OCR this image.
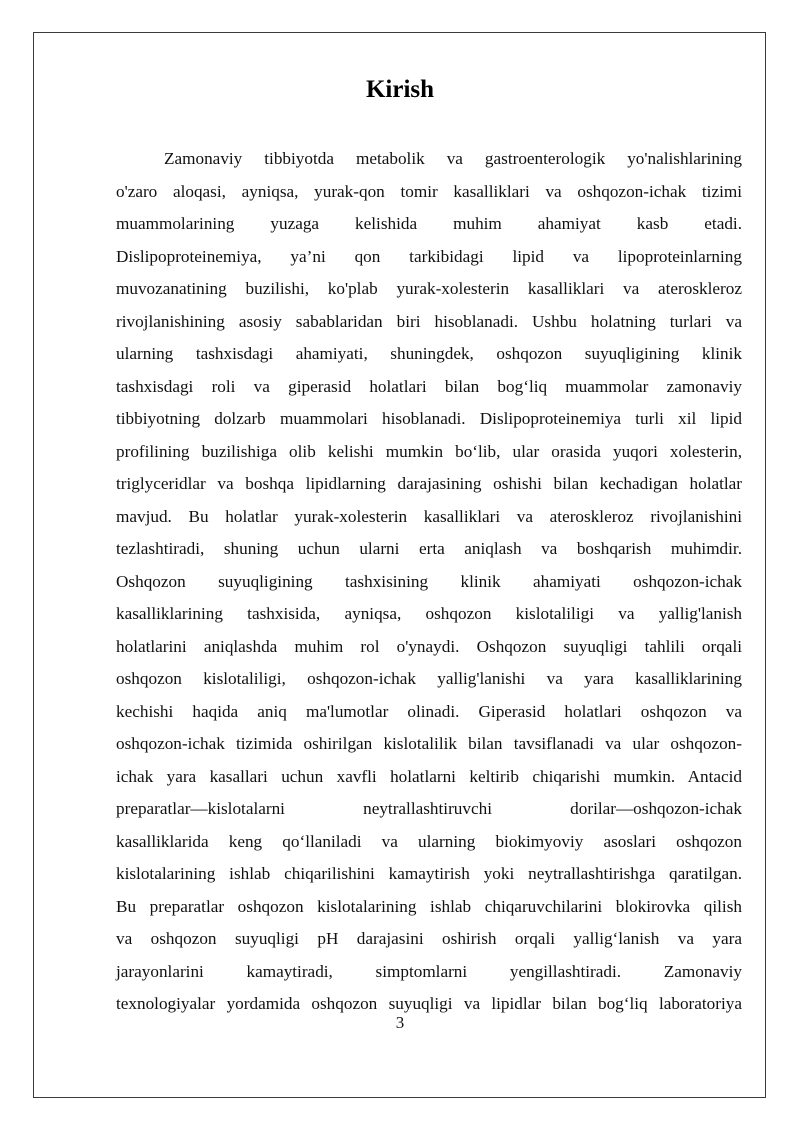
Kirish
Zamonaviy tibbiyotda metabolik va gastroenterologik yo'nalishlarining
o'zaro aloqasi, ayniqsa, yurak-qon tomir kasalliklari va oshqozon-ichak tizimi
muammolarining yuzaga kelishida muhim ahamiyat kasb etadi.
Dislipoproteinemiya, ya’ni qon tarkibidagi lipid va lipoproteinlarning
muvozanatining buzilishi, ko'plab yurak-xolesterin kasalliklari va ateroskleroz
rivojlanishining asosiy sabablaridan biri hisoblanadi. Ushbu holatning turlari va
ularning tashxisdagi ahamiyati, shuningdek, oshqozon suyuqligining klinik
tashxisdagi roli va giperasid holatlari bilan bog‘liq muammolar zamonaviy
tibbiyotning dolzarb muammolari hisoblanadi. Dislipoproteinemiya turli xil lipid
profilining buzilishiga olib kelishi mumkin bo‘lib, ular orasida yuqori xolesterin,
triglyceridlar va boshqa lipidlarning darajasining oshishi bilan kechadigan holatlar
mavjud. Bu holatlar yurak-xolesterin kasalliklari va ateroskleroz rivojlanishini
tezlashtiradi, shuning uchun ularni erta aniqlash va boshqarish muhimdir.
Oshqozon suyuqligining tashxisining klinik ahamiyati oshqozon-ichak
kasalliklarining tashxisida, ayniqsa, oshqozon kislotaliligi va yallig'lanish
holatlarini aniqlashda muhim rol o'ynaydi. Oshqozon suyuqligi tahlili orqali
oshqozon kislotaliligi, oshqozon-ichak yallig'lanishi va yara kasalliklarining
kechishi haqida aniq ma'lumotlar olinadi. Giperasid holatlari oshqozon va
oshqozon-ichak tizimida oshirilgan kislotalilik bilan tavsiflanadi va ular oshqozon-
ichak yara kasallari uchun xavfli holatlarni keltirib chiqarishi mumkin. Antacid
preparatlar—kislotalarni neytrallashtiruvchi dorilar—oshqozon-ichak
kasalliklarida keng qo‘llaniladi va ularning biokimyoviy asoslari oshqozon
kislotalarining ishlab chiqarilishini kamaytirish yoki neytrallashtirishga qaratilgan.
Bu preparatlar oshqozon kislotalarining ishlab chiqaruvchilarini blokirovka qilish
va oshqozon suyuqligi pH darajasini oshirish orqali yallig‘lanish va yara
jarayonlarini kamaytiradi, simptomlarni yengillashtiradi. Zamonaviy
texnologiyalar yordamida oshqozon suyuqligi va lipidlar bilan bog‘liq laboratoriya
3
